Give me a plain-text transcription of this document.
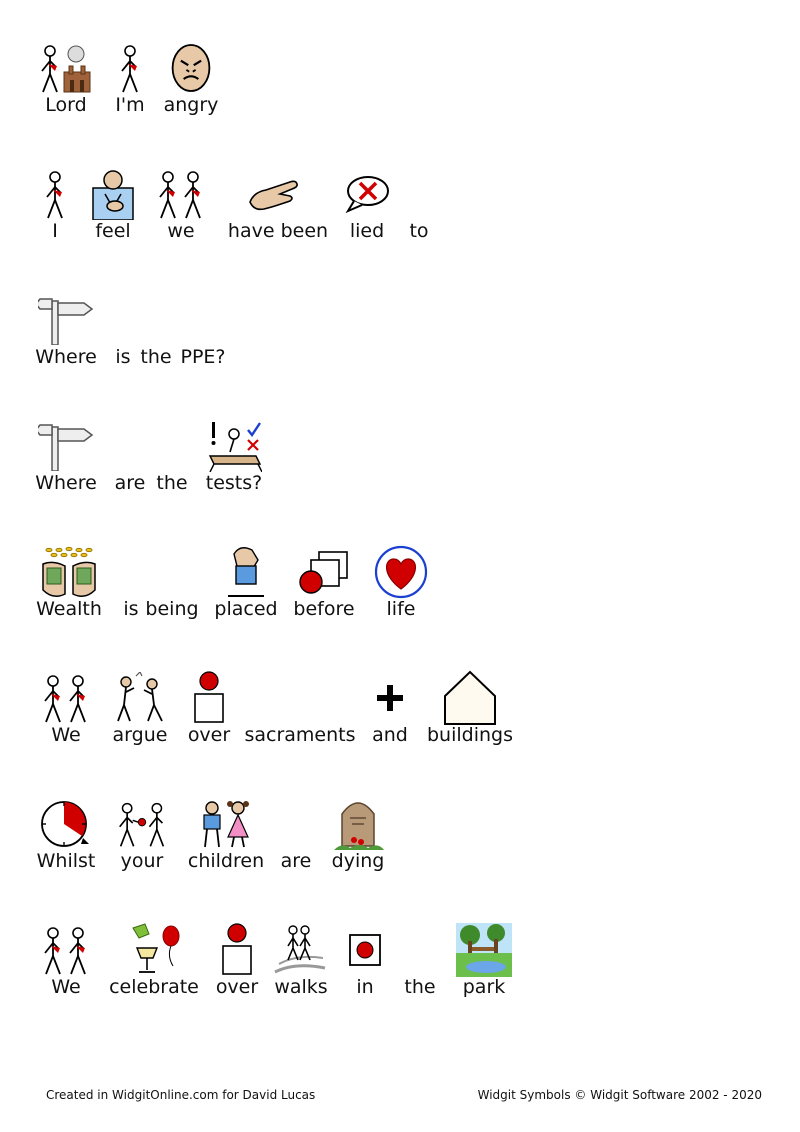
Lord	I'm angry
I	feel	we	have been	lied	to
Where is the PPE?
Where are the tests?
Wealth	is being placed before	life
We	argue	over sacraments and	buildings
Whilst	your	children are	dying
We	celebrate over walks	in	the	park
Created in WidgitOnline.com for David Lucas	Widgit Symbols © Widgit Software 2002 - 2020
